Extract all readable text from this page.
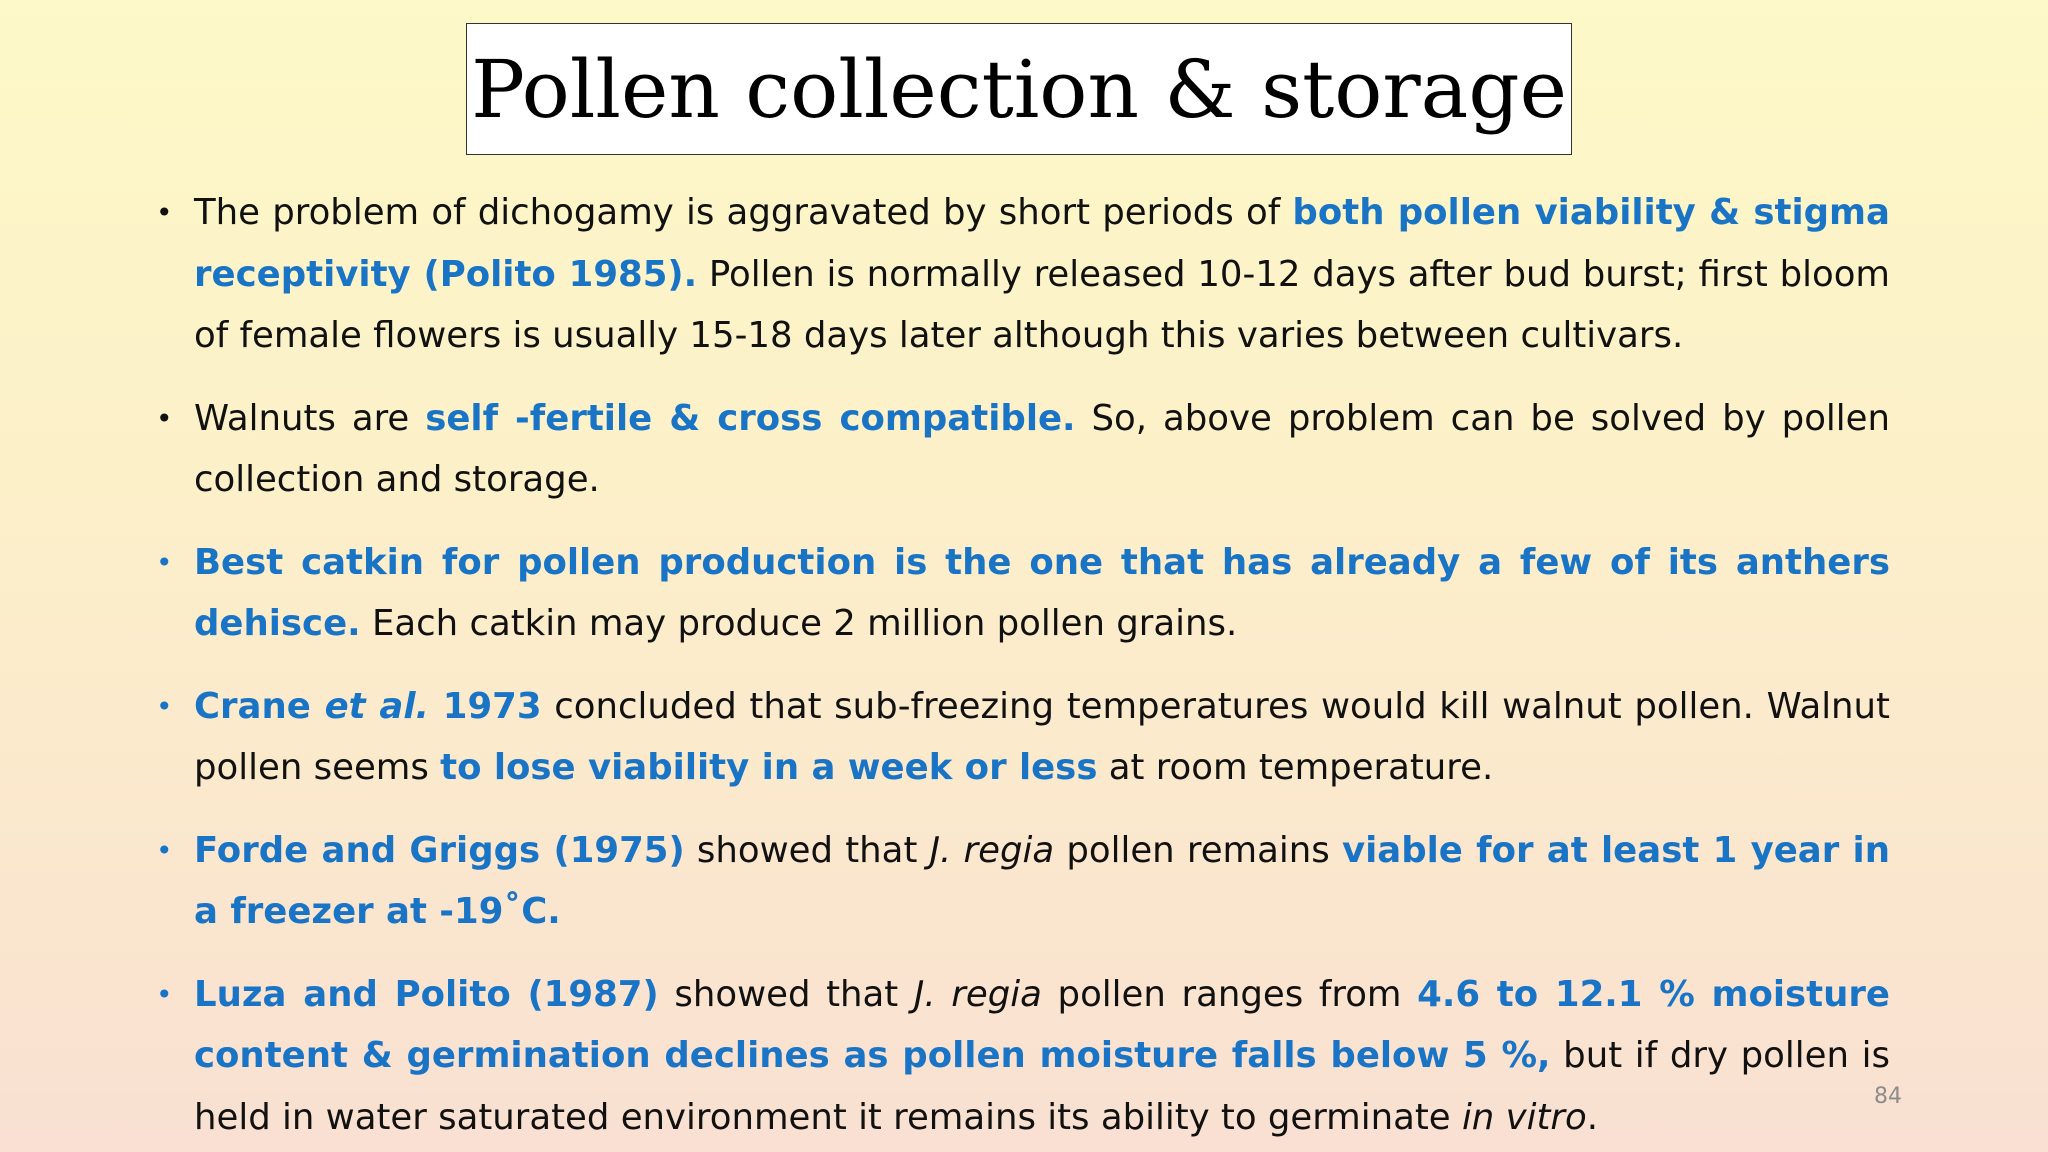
Pollen collection & storage
• The problem of dichogamy is aggravated by short periods of both pollen viability & stigma receptivity (Polito 1985). Pollen is normally released 10-12 days after bud burst; first bloom of female flowers is usually 15-18 days later although this varies between cultivars.
• Walnuts are self -fertile & cross compatible. So, above problem can be solved by pollen collection and storage.
• Best catkin for pollen production is the one that has already a few of its anthers dehisce. Each catkin may produce 2 million pollen grains.
• Crane et al. 1973 concluded that sub-freezing temperatures would kill walnut pollen. Walnut pollen seems to lose viability in a week or less at room temperature.
• Forde and Griggs (1975) showed that J. regia pollen remains viable for at least 1 year in a freezer at -19˚C.
• Luza and Polito (1987) showed that J. regia pollen ranges from 4.6 to 12.1 % moisture content & germination declines as pollen moisture falls below 5 %, but if dry pollen is held in water saturated environment it remains its ability to germinate in vitro.	84
